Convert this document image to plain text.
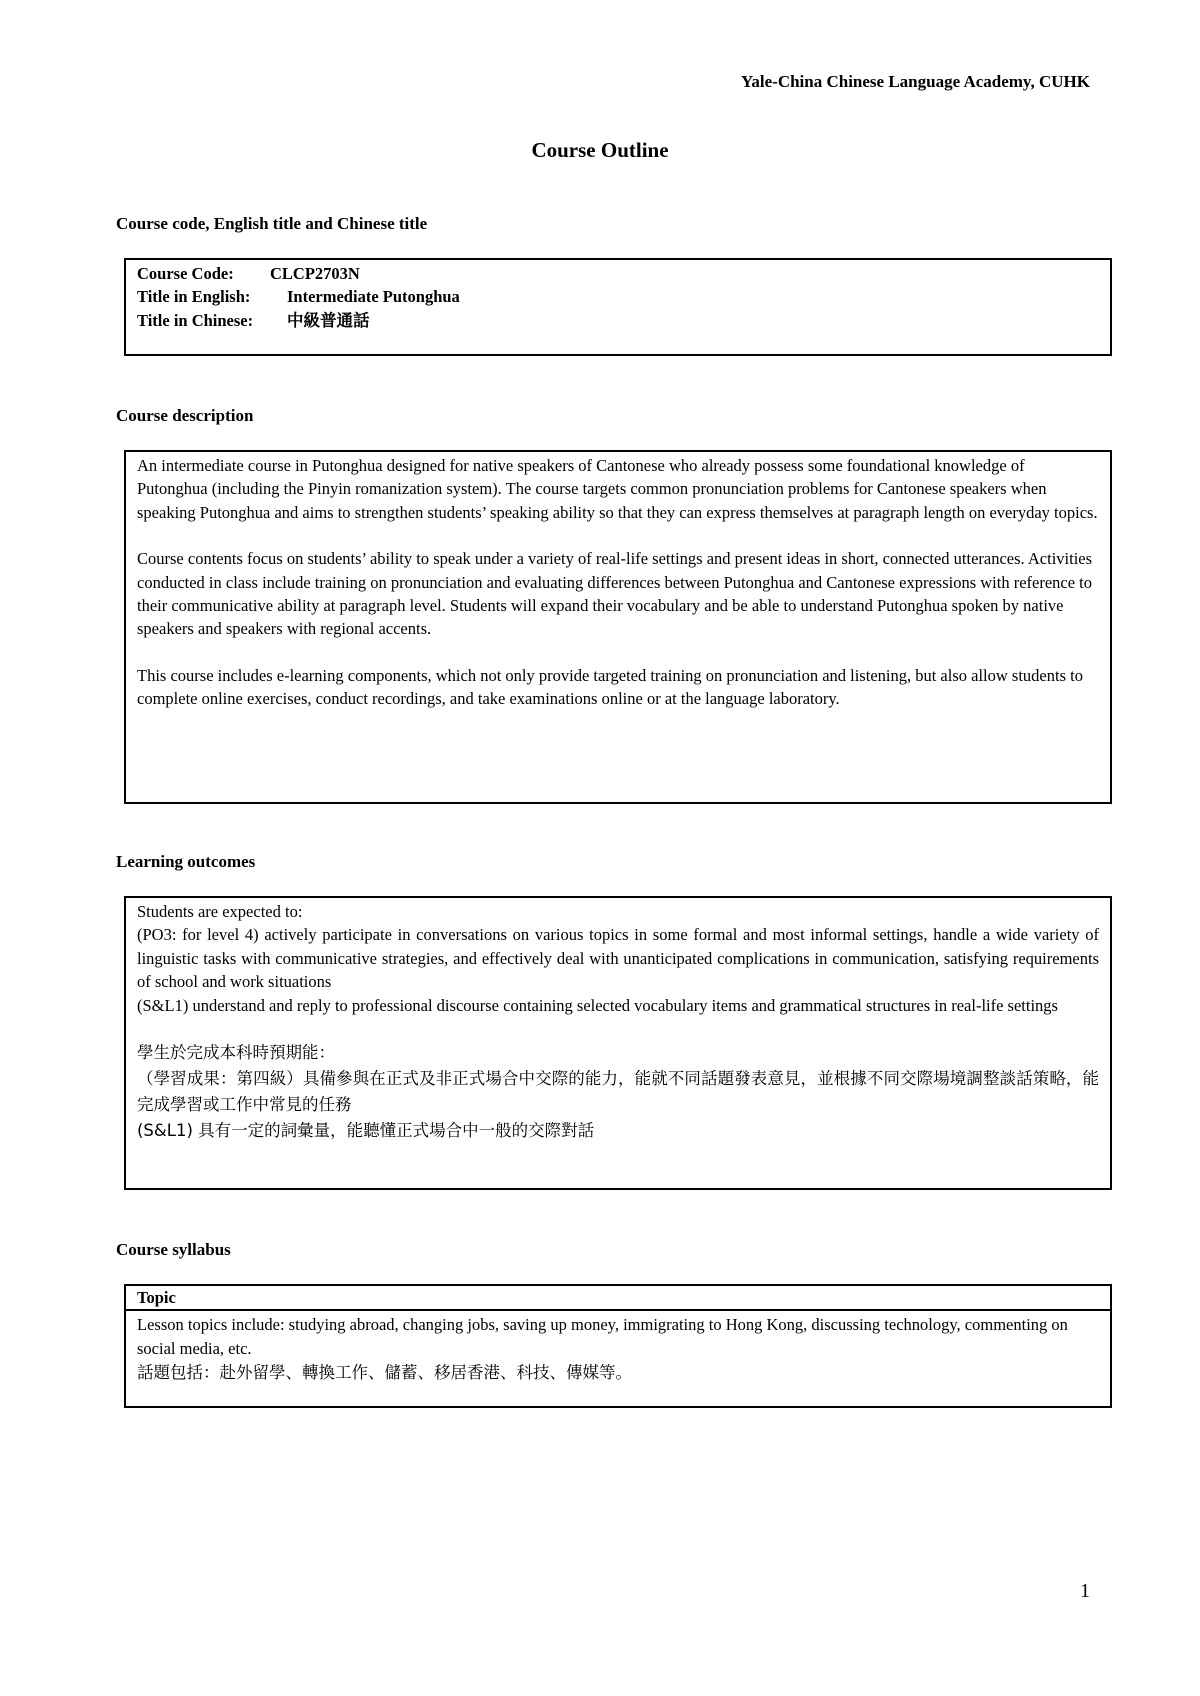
Yale-China Chinese Language Academy, CUHK
Course Outline
Course code, English title and Chinese title

Course Code: CLCP2703N

Title in English: Intermediate Putonghua

Title in Chinese: 中級普通話

Course description

An intermediate course in Putonghua designed for native speakers of Cantonese who already possess some foundational knowledge of Putonghua (including the Pinyin romanization system). The course targets common pronunciation problems for Cantonese speakers when speaking Putonghua and aims to strengthen students’ speaking ability so that they can express themselves at paragraph length on everyday topics.

Course contents focus on students’ ability to speak under a variety of real-life settings and present ideas in short, connected utterances. Activities conducted in class include training on pronunciation and evaluating differences between Putonghua and Cantonese expressions with reference to their communicative ability at paragraph level. Students will expand their vocabulary and be able to understand Putonghua spoken by native speakers and speakers with regional accents.

This course includes e-learning components, which not only provide targeted training on pronunciation and listening, but also allow students to complete online exercises, conduct recordings, and take examinations online or at the language laboratory.

Learning outcomes

Students are expected to:

(PO3: for level 4) actively participate in conversations on various topics in some formal and most informal settings, handle a wide variety of linguistic tasks with communicative strategies, and effectively deal with unanticipated complications in communication, satisfying requirements of school and work situations

(S&L1) understand and reply to professional discourse containing selected vocabulary items and grammatical structures in real-life settings

學生於完成本科時預期能：

（學習成果：第四級）具備參與在正式及非正式場合中交際的能力，能就不同話題發表意見，並根據不同交際場境調整談話策略，能完成學習或工作中常見的任務

(S&L1) 具有一定的詞彙量，能聽懂正式場合中一般的交際對話

Course syllabus
Topic

Lesson topics include: studying abroad, changing jobs, saving up money, immigrating to Hong Kong, discussing technology, commenting on social media, etc.

話題包括：赴外留學、轉換工作、儲蓄、移居香港、科技、傳媒等。

1
